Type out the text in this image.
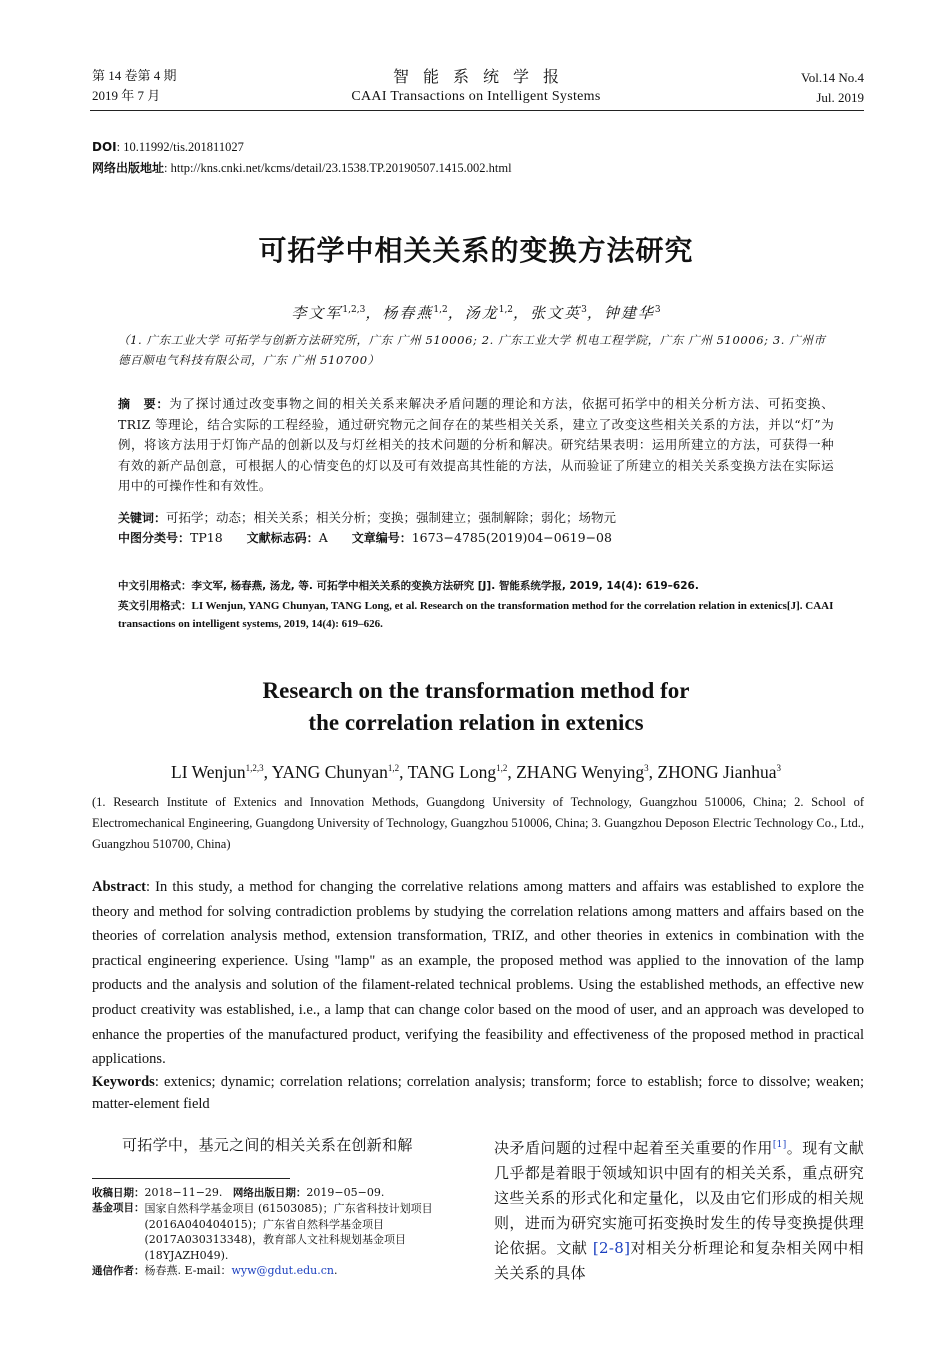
第 14 卷第 4 期
2019 年 7 月
智能系统学报
CAAI Transactions on Intelligent Systems
Vol.14 No.4
Jul. 2019
DOI: 10.11992/tis.201811027
网络出版地址: http://kns.cnki.net/kcms/detail/23.1538.TP.20190507.1415.002.html
可拓学中相关关系的变换方法研究
李文军$^{1,2,3}$，杨春燕$^{1,2}$，汤龙$^{1,2}$，张文英$^3$，钟建华$^3$
（1. 广东工业大学 可拓学与创新方法研究所，广东 广州 510006; 2. 广东工业大学 机电工程学院，广东 广州 510006; 3. 广州市德百顺电气科技有限公司，广东 广州 510700）
摘　要：为了探讨通过改变事物之间的相关关系来解决矛盾问题的理论和方法，依据可拓学中的相关分析方法、可拓变换、TRIZ 等理论，结合实际的工程经验，通过研究物元之间存在的某些相关关系，建立了改变这些相关关系的方法，并以“灯”为例，将该方法用于灯饰产品的创新以及与灯丝相关的技术问题的分析和解决。研究结果表明：运用所建立的方法，可获得一种有效的新产品创意，可根据人的心情变色的灯以及可有效提高其性能的方法，从而验证了所建立的相关关系变换方法在实际运用中的可操作性和有效性。
关键词：可拓学；动态；相关关系；相关分析；变换；强制建立；强制解除；弱化；场物元
中图分类号：TP18 文献标志码：A 文章编号：1673−4785(2019)04−0619−08
中文引用格式：李文军, 杨春燕, 汤龙, 等. 可拓学中相关关系的变换方法研究 [J]. 智能系统学报, 2019, 14(4): 619–626.
英文引用格式：LI Wenjun, YANG Chunyan, TANG Long, et al. Research on the transformation method for the correlation relation in extenics[J]. CAAI transactions on intelligent systems, 2019, 14(4): 619–626.
Research on the transformation method for
the correlation relation in extenics
LI Wenjun$^{1,2,3}$, YANG Chunyan$^{1,2}$, TANG Long$^{1,2}$, ZHANG Wenying$^3$, ZHONG Jianhua$^3$
(1. Research Institute of Extenics and Innovation Methods, Guangdong University of Technology, Guangzhou 510006, China; 2. School of Electromechanical Engineering, Guangdong University of Technology, Guangzhou 510006, China; 3. Guangzhou Deposon Electric Technology Co., Ltd., Guangzhou 510700, China)
Abstract: In this study, a method for changing the correlative relations among matters and affairs was established to explore the theory and method for solving contradiction problems by studying the correlation relations among matters and affairs based on the theories of correlation analysis method, extension transformation, TRIZ, and other theories in extenics in combination with the practical engineering experience. Using "lamp" as an example, the proposed method was applied to the innovation of the lamp products and the analysis and solution of the filament-related technical problems. Using the established methods, an effective new product creativity was established, i.e., a lamp that can change color based on the mood of user, and an approach was developed to enhance the properties of the manufactured product, verifying the feasibility and effectiveness of the proposed method in practical applications.
Keywords: extenics; dynamic; correlation relations; correlation analysis; transform; force to establish; force to dissolve; weaken; matter-element field
可拓学中，基元之间的相关关系在创新和解
收稿日期：2018−11−29. 网络出版日期：2019−05−09.
基金项目： 国家自然科学基金项目 (61503085)；广东省科技计划项目 (2016A040404015)；广东省自然科学基金项目 (2017A030313348)，教育部人文社科规划基金项目 (18YJAZH049).
通信作者：杨春燕. E-mail：wyw@gdut.edu.cn.
决矛盾问题的过程中起着至关重要的作用[1]。现有文献几乎都是着眼于领域知识中固有的相关关系，重点研究这些关系的形式化和定量化，以及由它们形成的相关规则，进而为研究实施可拓变换时发生的传导变换提供理论依据。文献 [2-8]对相关分析理论和复杂相关网中相关关系的具体
